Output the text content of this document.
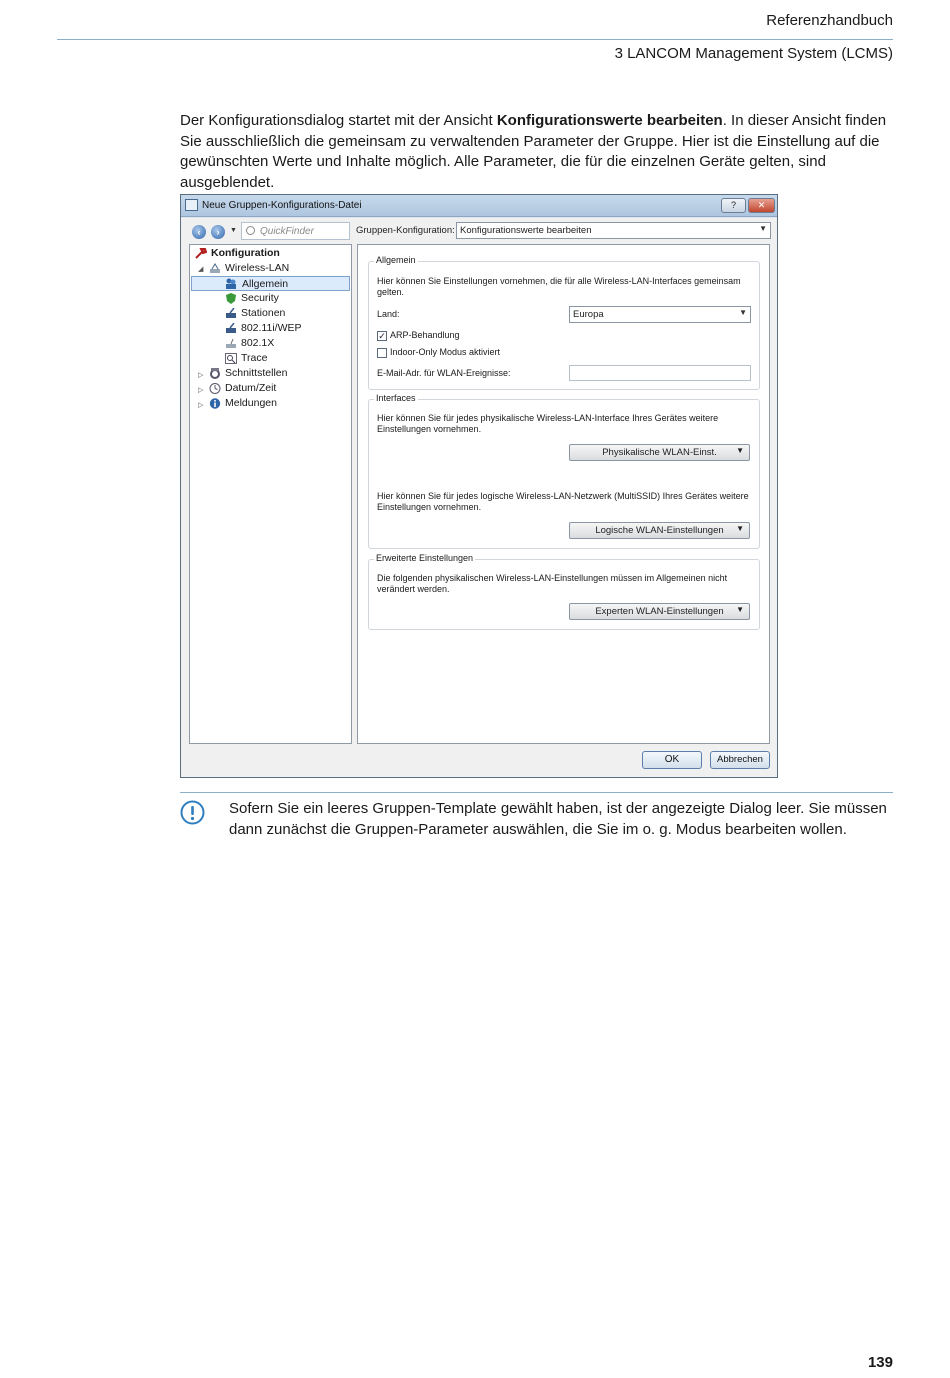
Referenzhandbuch
3 LANCOM Management System (LCMS)

Der Konfigurationsdialog startet mit der Ansicht Konfigurationswerte bearbeiten. In dieser Ansicht finden Sie ausschließlich die gemeinsam zu verwaltenden Parameter der Gruppe. Hier ist die Einstellung auf die gewünschten Werte und Inhalte möglich. Alle Parameter, die für die einzelnen Geräte gelten, sind ausgeblendet.

Neue Gruppen-Konfigurations-Datei	?	✕
‹	›	▼	QuickFinder	Gruppen-Konfiguration: Konfigurationswerte bearbeiten	▼
Konfiguration
◢ Wireless-LAN
Allgemein
Security
Stationen
802.11i/WEP
802.1X
Trace
▷ Schnittstellen
▷ Datum/Zeit
▷ Meldungen
Allgemein
Hier können Sie Einstellungen vornehmen, die für alle Wireless-LAN-Interfaces gemeinsam gelten.
Land:	Europa	▼
✓ ARP-Behandlung
Indoor-Only Modus aktiviert
E-Mail-Adr. für WLAN-Ereignisse:
Interfaces
Hier können Sie für jedes physikalische Wireless-LAN-Interface Ihres Gerätes weitere Einstellungen vornehmen.
Physikalische WLAN-Einst. ▼
Hier können Sie für jedes logische Wireless-LAN-Netzwerk (MultiSSID) Ihres Gerätes weitere Einstellungen vornehmen.
Logische WLAN-Einstellungen ▼
Erweiterte Einstellungen
Die folgenden physikalischen Wireless-LAN-Einstellungen müssen im Allgemeinen nicht verändert werden.
Experten WLAN-Einstellungen ▼
OK	Abbrechen

Sofern Sie ein leeres Gruppen-Template gewählt haben, ist der angezeigte Dialog leer. Sie müssen dann zunächst die Gruppen-Parameter auswählen, die Sie im o. g. Modus bearbeiten wollen.

139
